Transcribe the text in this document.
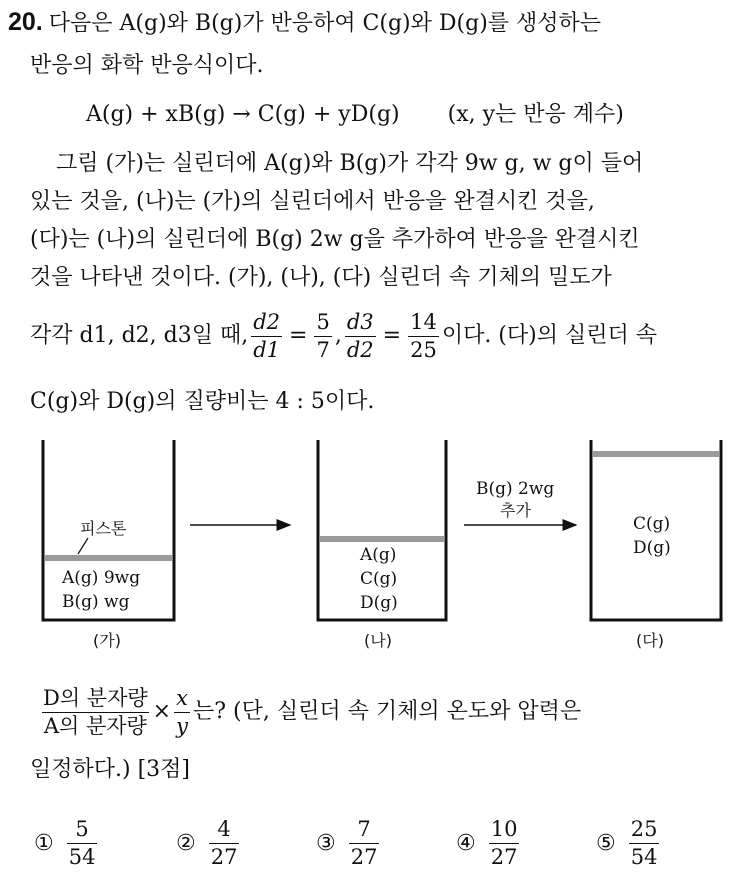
20. 다음은 A(g)와 B(g)가 반응하여 C(g)와 D(g)를 생성하는
반응의 화학 반응식이다.
A(g) + xB(g) → C(g) + yD(g) (x, y는 반응 계수)
그림 (가)는 실린더에 A(g)와 B(g)가 각각 9w g, w g이 들어
있는 것을, (나)는 (가)의 실린더에서 반응을 완결시킨 것을,
(다)는 (나)의 실린더에 B(g) 2w g을 추가하여 반응을 완결시킨
것을 나타낸 것이다. (가), (나), (다) 실린더 속 기체의 밀도가
각각 d1, d2, d3일 때, $\frac{d2}{d1} = \frac{5}{7}$ , $\frac{d3}{d2} = \frac{14}{25}$ 이다. (다)의 실린더 속
C(g)와 D(g)의 질량비는 4 : 5이다.
피스톤
A(g) 9wg
B(g) wg
(가)
A(g)
C(g)
D(g)
(나)
B(g) 2wg
추가
C(g)
D(g)
(다)
$\frac{\text{D의 분자량}}{\text{A의 분자량}} \times \frac{x}{y}$ 는? (단, 실린더 속 기체의 온도와 압력은
일정하다.) [3점]
① $\frac{5}{54}$	② $\frac{4}{27}$	③ $\frac{7}{27}$	④ $\frac{10}{27}$	⑤ $\frac{25}{54}$
